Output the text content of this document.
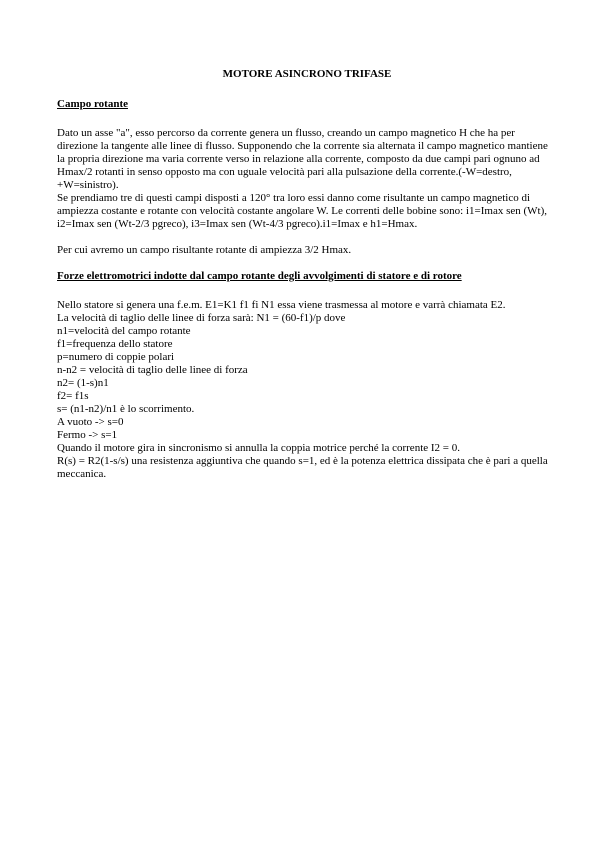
MOTORE ASINCRONO TRIFASE
Campo rotante

Dato un asse "a", esso percorso da corrente genera un flusso, creando un campo magnetico H che ha per direzione la tangente alle linee di flusso. Supponendo che la corrente sia alternata il campo magnetico mantiene la propria direzione ma varia corrente verso in relazione alla corrente, composto da due campi pari ognuno ad Hmax/2 rotanti in senso opposto ma con uguale velocità pari alla pulsazione della corrente.(-W=destro, +W=sinistro).

Se prendiamo tre di questi campi disposti a 120° tra loro essi danno come risultante un campo magnetico di ampiezza costante e rotante con velocità costante angolare W. Le correnti delle bobine sono: i1=Imax sen (Wt), i2=Imax sen (Wt-2/3 pgreco), i3=Imax sen (Wt-4/3 pgreco).i1=Imax e h1=Hmax.

Per cui avremo un campo risultante rotante di ampiezza 3/2 Hmax.

Forze elettromotrici indotte dal campo rotante degli avvolgimenti di statore e di rotore
Nello statore si genera una f.e.m. E1=K1 f1 fi N1 essa viene trasmessa al motore e varrà chiamata E2.
La velocità di taglio delle linee di forza sarà: N1 = (60-f1)/p dove
n1=velocità del campo rotante
f1=frequenza dello statore
p=numero di coppie polari
n-n2 = velocità di taglio delle linee di forza
n2= (1-s)n1
f2= f1s
s= (n1-n2)/n1 è lo scorrimento.
A vuoto -> s=0
Fermo -> s=1
Quando il motore gira in sincronismo si annulla la coppia motrice perché la corrente I2 = 0.
R(s) = R2(1-s/s) una resistenza aggiuntiva che quando s=1, ed è la potenza elettrica dissipata che è pari a quella meccanica.
